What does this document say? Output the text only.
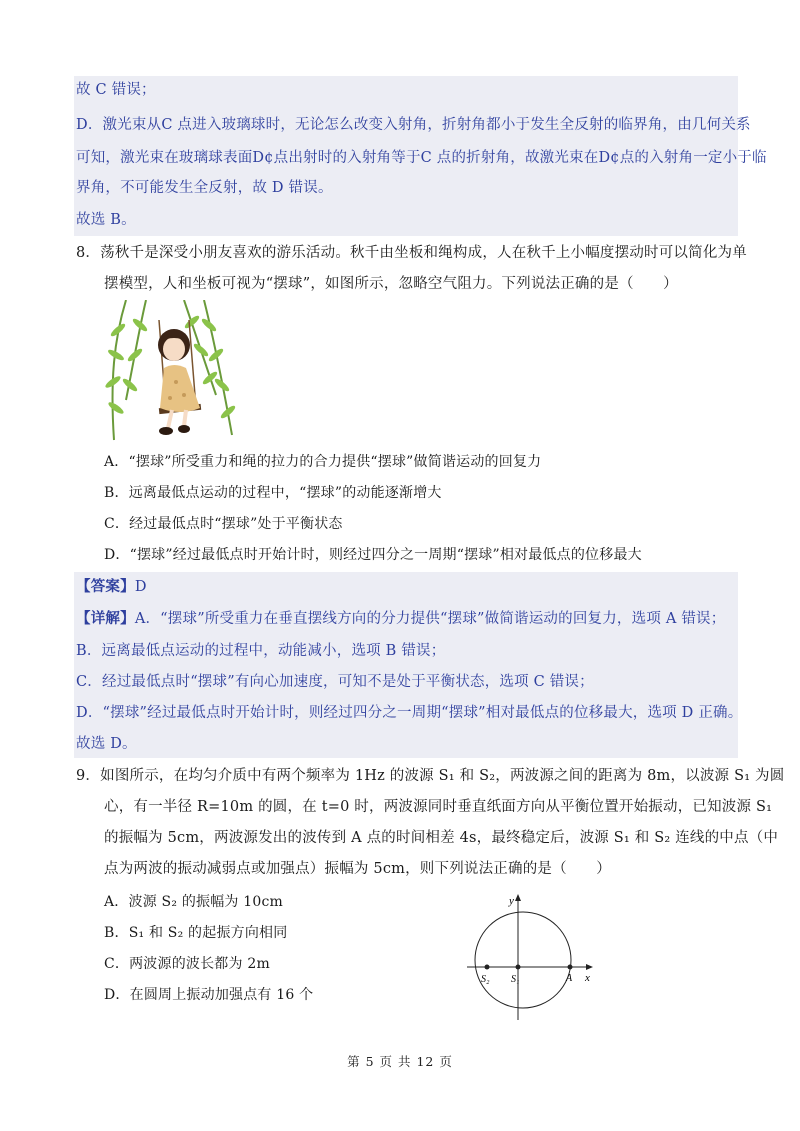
故 C 错误；
D．激光束从C 点进入玻璃球时，无论怎么改变入射角，折射角都小于发生全反射的临界角，由几何关系
可知，激光束在玻璃球表面D¢点出射时的入射角等于C 点的折射角，故激光束在D¢点的入射角一定小于临
界角，不可能发生全反射，故 D 错误。
故选 B。
8．荡秋千是深受小朋友喜欢的游乐活动。秋千由坐板和绳构成，人在秋千上小幅度摆动时可以简化为单
摆模型，人和坐板可视为“摆球”，如图所示，忽略空气阻力。下列说法正确的是（　　）
A．“摆球”所受重力和绳的拉力的合力提供“摆球”做简谐运动的回复力
B．远离最低点运动的过程中，“摆球”的动能逐渐增大
C．经过最低点时“摆球”处于平衡状态
D．“摆球”经过最低点时开始计时，则经过四分之一周期“摆球”相对最低点的位移最大
【答案】D
【详解】A．“摆球”所受重力在垂直摆线方向的分力提供“摆球”做简谐运动的回复力，选项 A 错误；
B．远离最低点运动的过程中，动能减小，选项 B 错误；
C．经过最低点时“摆球”有向心加速度，可知不是处于平衡状态，选项 C 错误；
D．“摆球”经过最低点时开始计时，则经过四分之一周期“摆球”相对最低点的位移最大，选项 D 正确。
故选 D。
9．如图所示，在均匀介质中有两个频率为 1Hz 的波源 S₁ 和 S₂，两波源之间的距离为 8m，以波源 S₁ 为圆
心，有一半径 R=10m 的圆，在 t=0 时，两波源同时垂直纸面方向从平衡位置开始振动，已知波源 S₁
的振幅为 5cm，两波源发出的波传到 A 点的时间相差 4s，最终稳定后，波源 S₁ 和 S₂ 连线的中点（中
点为两波的振动减弱点或加强点）振幅为 5cm，则下列说法正确的是（　　）
A．波源 S₂ 的振幅为 10cm
B．S₁ 和 S₂ 的起振方向相同
C．两波源的波长都为 2m
D．在圆周上振动加强点有 16 个
y
x
S₂ S₁	A
第 5 页 共 12 页
